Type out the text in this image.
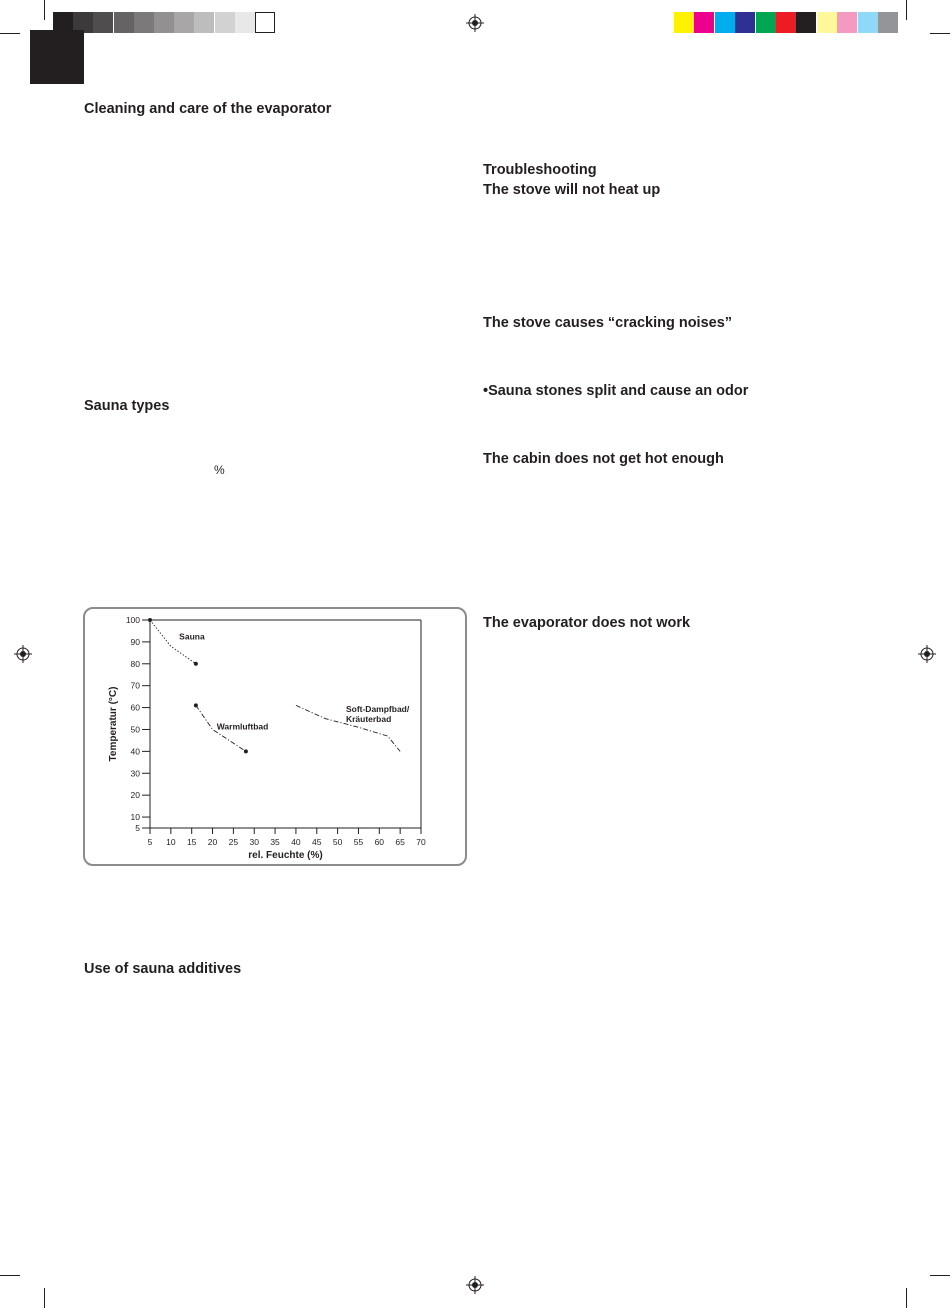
Cleaning and care of the evaporator
Sauna types
%
Use of sauna additives
Troubleshooting
The stove will not heat up
The stove causes “cracking noises”
•Sauna stones split and cause an odor
The cabin does not get hot enough
The evaporator does not work
5
10
20
30
40
50
60
70
80
90
100
5 10 15 20 25 30 35 40 45 50 55 60 65 70
Sauna
Warmluftbad
Soft-Dampfbad/ Kräuterbad
rel. Feuchte (%)
Temperatur (°C)
